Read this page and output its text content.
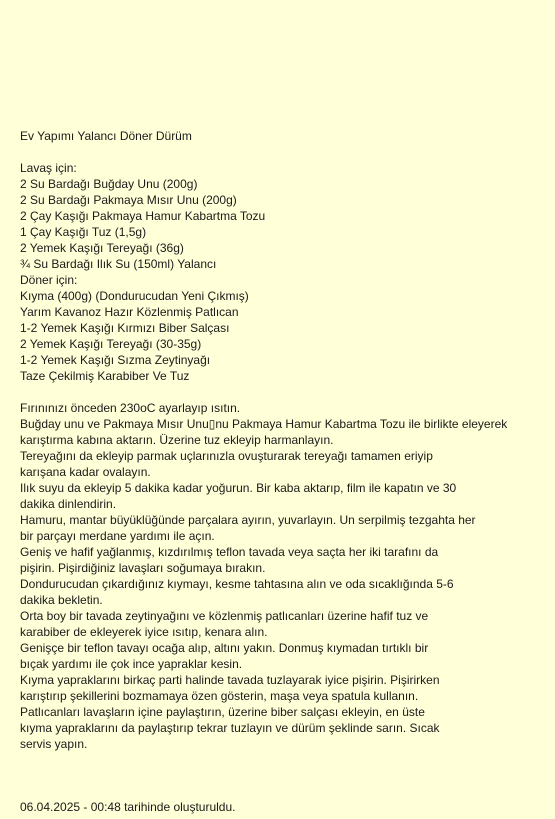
Ev Yapımı Yalancı Döner Dürüm
Lavaş için:
2 Su Bardağı Buğday Unu (200g)
2 Su Bardağı Pakmaya Mısır Unu (200g)
2 Çay Kaşığı Pakmaya Hamur Kabartma Tozu
1 Çay Kaşığı Tuz (1,5g)
2 Yemek Kaşığı Tereyağı (36g)
¾ Su Bardağı Ilık Su (150ml) Yalancı
Döner için:
Kıyma (400g) (Dondurucudan Yeni Çıkmış)
Yarım Kavanoz Hazır Közlenmiş Patlıcan
1-2 Yemek Kaşığı Kırmızı Biber Salçası
2 Yemek Kaşığı Tereyağı (30-35g)
1-2 Yemek Kaşığı Sızma Zeytinyağı
Taze Çekilmiş Karabiber Ve Tuz
Fırınınızı önceden 230oC ayarlayıp ısıtın.
Buğday unu ve Pakmaya Mısır Unu▯nu Pakmaya Hamur Kabartma Tozu ile birlikte eleyerek
karıştırma kabına aktarın. Üzerine tuz ekleyip harmanlayın.
Tereyağını da ekleyip parmak uçlarınızla ovuşturarak tereyağı tamamen eriyip
karışana kadar ovalayın.
Ilık suyu da ekleyip 5 dakika kadar yoğurun. Bir kaba aktarıp, film ile kapatın ve 30
dakika dinlendirin.
Hamuru, mantar büyüklüğünde parçalara ayırın, yuvarlayın. Un serpilmiş tezgahta her
bir parçayı merdane yardımı ile açın.
Geniş ve hafif yağlanmış, kızdırılmış teflon tavada veya saçta her iki tarafını da
pişirin. Pişirdiğiniz lavaşları soğumaya bırakın.
Dondurucudan çıkardığınız kıymayı, kesme tahtasına alın ve oda sıcaklığında 5-6
dakika bekletin.
Orta boy bir tavada zeytinyağını ve közlenmiş patlıcanları üzerine hafif tuz ve
karabiber de ekleyerek iyice ısıtıp, kenara alın.
Genişçe bir teflon tavayı ocağa alıp, altını yakın. Donmuş kıymadan tırtıklı bir
bıçak yardımı ile çok ince yapraklar kesin.
Kıyma yapraklarını birkaç parti halinde tavada tuzlayarak iyice pişirin. Pişirirken
karıştırıp şekillerini bozmamaya özen gösterin, maşa veya spatula kullanın.
Patlıcanları lavaşların içine paylaştırın, üzerine biber salçası ekleyin, en üste
kıyma yapraklarını da paylaştırıp tekrar tuzlayın ve dürüm şeklinde sarın. Sıcak
servis yapın.
06.04.2025 - 00:48 tarihinde oluşturuldu.
